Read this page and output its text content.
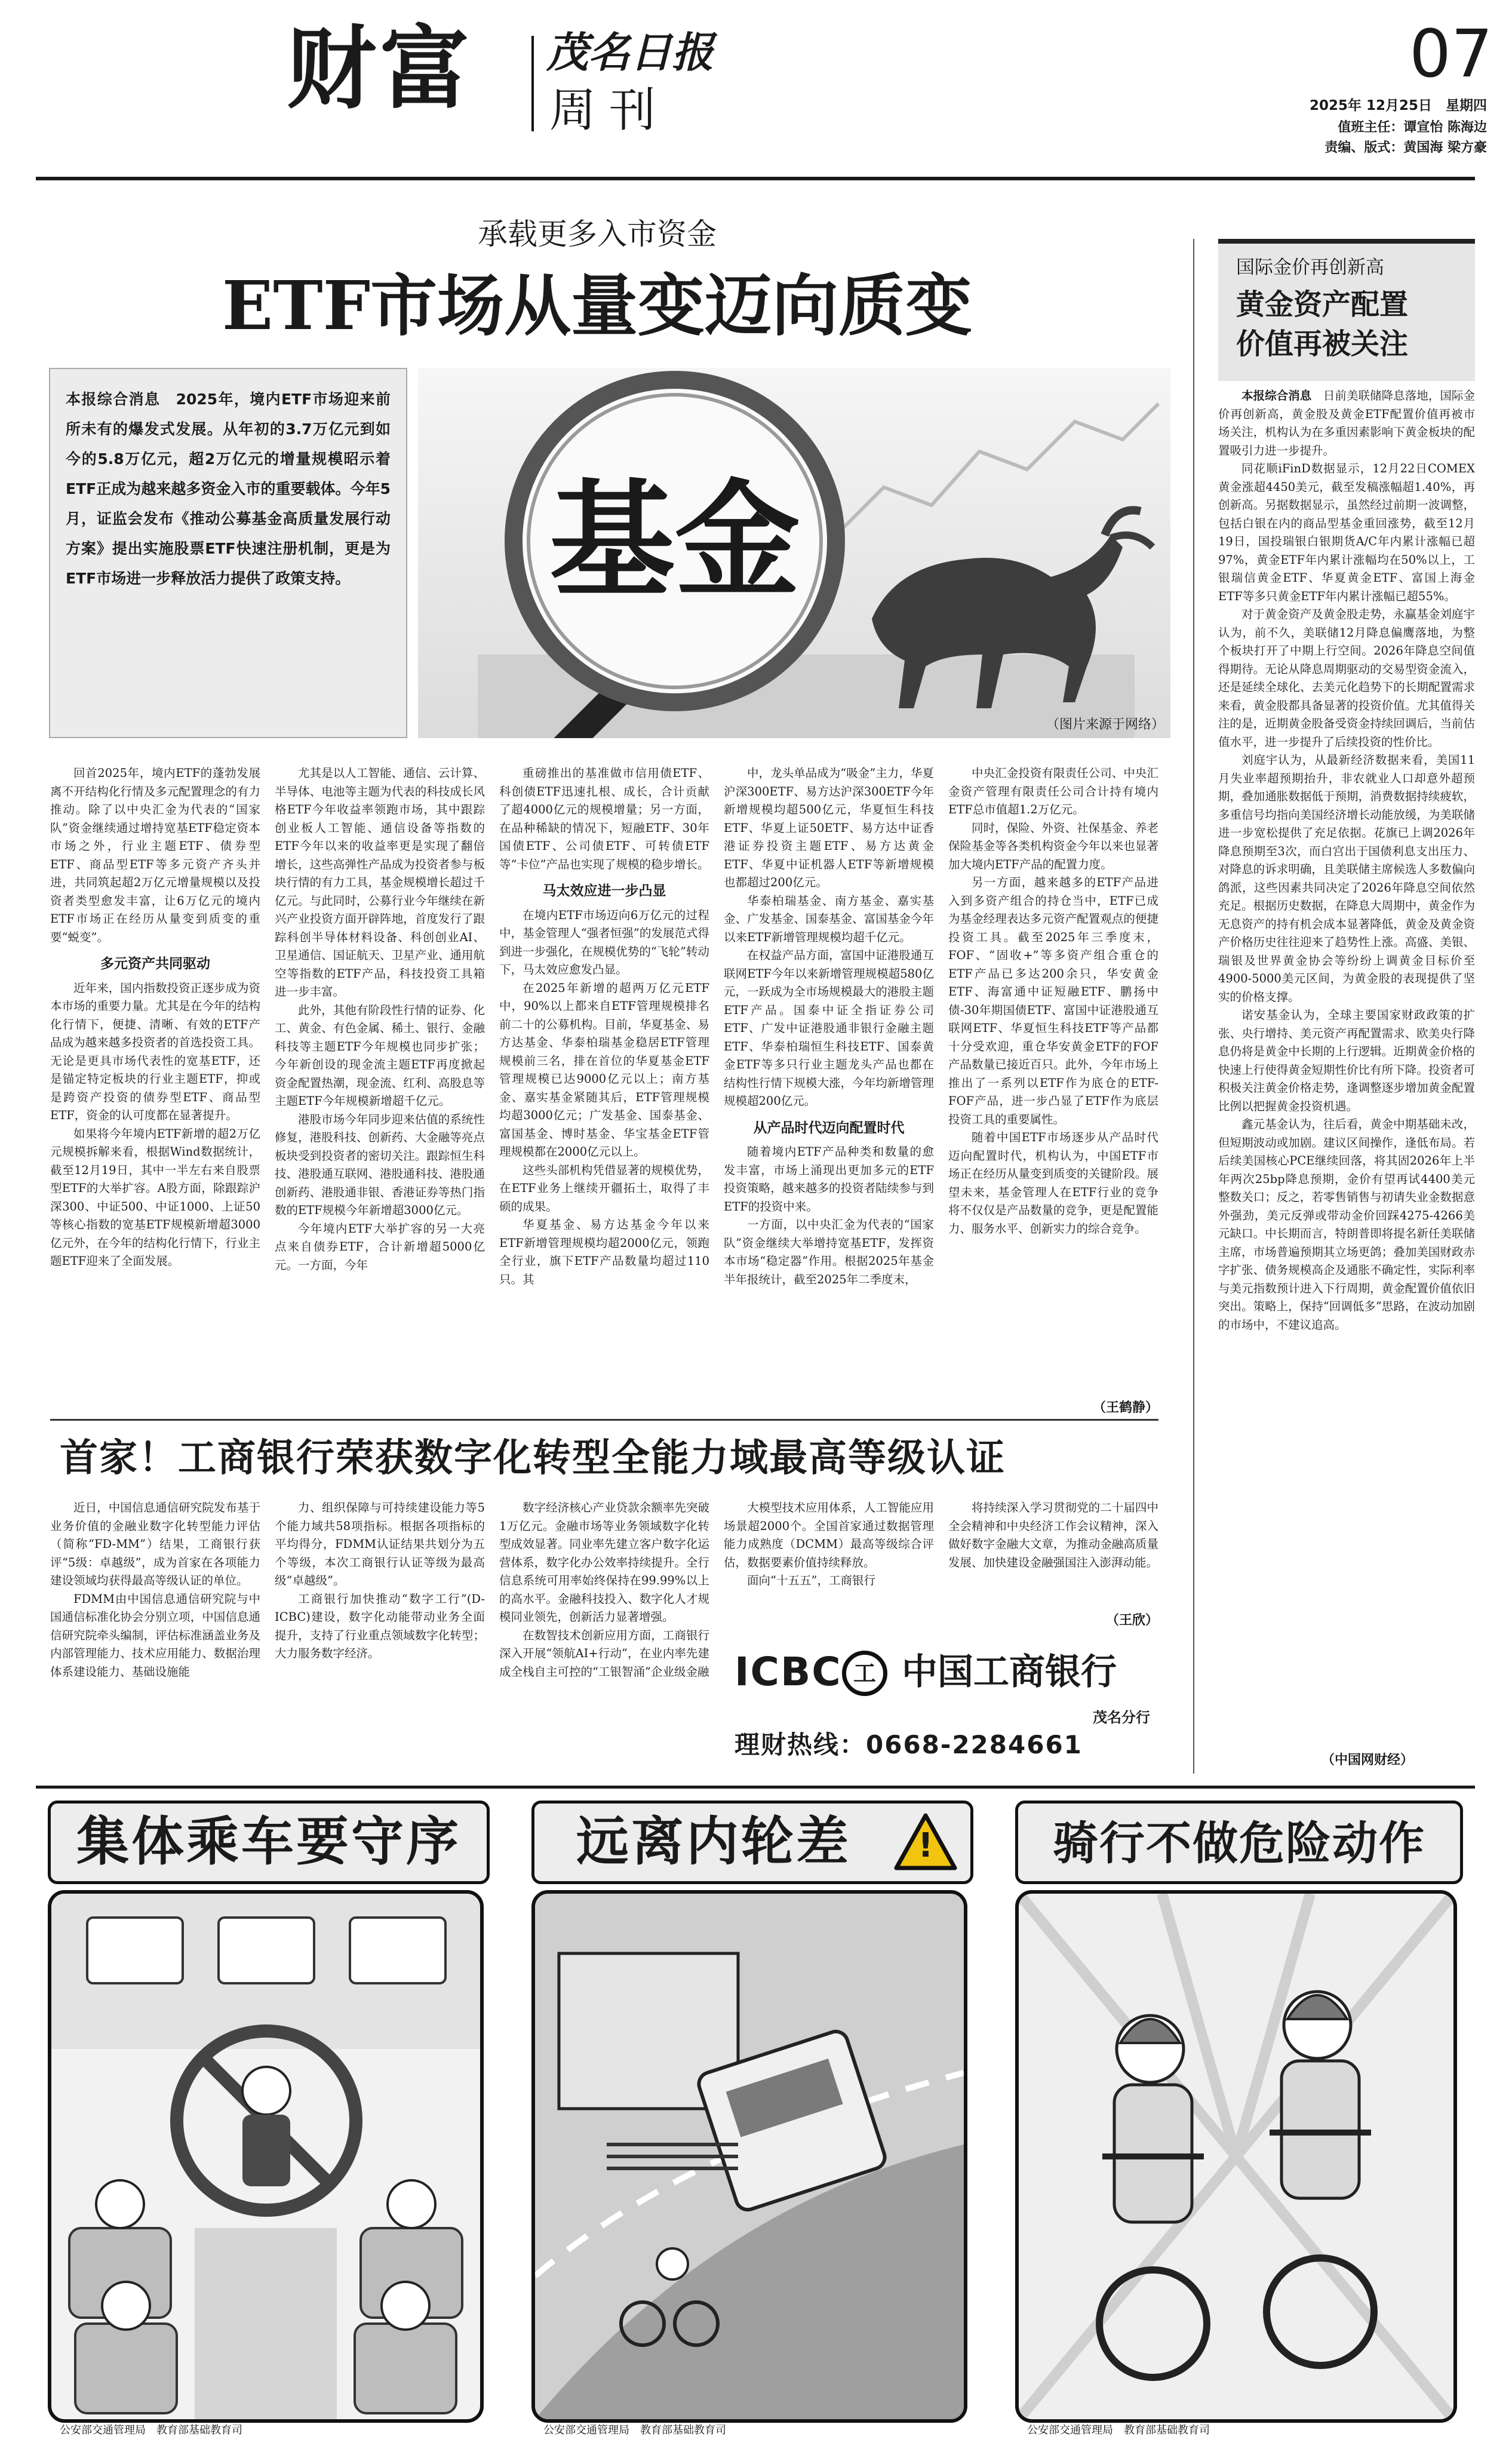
财富 茂名日报
周刊
07
2025年 12月25日　星期四
值班主任：谭宣怡 陈海边
责编、版式：黄国海 梁方豪
承载更多入市资金
ETF市场从量变迈向质变
本报综合消息　 2025年，境内ETF市场迎来前所未有的爆发式发展。从年初的3.7万亿元到如今的5.8万亿元，超2万亿元的增量规模昭示着ETF正成为越来越多资金入市的重要载体。今年5月，证监会发布《推动公募基金高质量发展行动方案》提出实施股票ETF快速注册机制，更是为ETF市场进一步释放活力提供了政策支持。	基金
（图片来源于网络）

回首2025年，境内ETF的蓬勃发展离不开结构化行情及多元配置理念的有力推动。除了以中央汇金为代表的“国家队”资金继续通过增持宽基ETF稳定资本市场之外，行业主题ETF、债券型ETF、商品型ETF等多元资产齐头并进，共同筑起超2万亿元增量规模以及投资者类型愈发丰富，让6万亿元的境内ETF市场正在经历从量变到质变的重要“蜕变”。

多元资产共同驱动

近年来，国内指数投资正逐步成为资本市场的重要力量。尤其是在今年的结构化行情下，便捷、清晰、有效的ETF产品成为越来越多投资者的首选投资工具。无论是更具市场代表性的宽基ETF，还是锚定特定板块的行业主题ETF，抑或是跨资产投资的债券型ETF、商品型ETF，资金的认可度都在显著提升。

如果将今年境内ETF新增的超2万亿元规模拆解来看，根据Wind数据统计，截至12月19日，其中一半左右来自股票型ETF的大举扩容。A股方面，除跟踪沪深300、中证500、中证1000、上证50等核心指数的宽基ETF规模新增超3000亿元外，在今年的结构化行情下，行业主题ETF迎来了全面发展。

尤其是以人工智能、通信、云计算、半导体、电池等主题为代表的科技成长风格ETF今年收益率领跑市场，其中跟踪创业板人工智能、通信设备等指数的ETF今年以来的收益率更是实现了翻倍增长，这些高弹性产品成为投资者参与板块行情的有力工具，基金规模增长超过千亿元。与此同时，公募行业今年继续在新兴产业投资方面开辟阵地，首度发行了跟踪科创半导体材料设备、科创创业AI、卫星通信、国证航天、卫星产业、通用航空等指数的ETF产品，科技投资工具箱进一步丰富。

此外，其他有阶段性行情的证券、化工、黄金、有色金属、稀土、银行、金融科技等主题ETF今年规模也同步扩张；今年新创设的现金流主题ETF再度掀起资金配置热潮，现金流、红利、高股息等主题ETF今年规模新增超千亿元。

港股市场今年同步迎来估值的系统性修复，港股科技、创新药、大金融等亮点板块受到投资者的密切关注。跟踪恒生科技、港股通互联网、港股通科技、港股通创新药、港股通非银、香港证券等热门指数的ETF规模今年新增超3000亿元。

今年境内ETF大举扩容的另一大亮点来自债券ETF，合计新增超5000亿元。一方面，今年

重磅推出的基准做市信用债ETF、科创债ETF迅速扎根、成长，合计贡献了超4000亿元的规模增量；另一方面，在品种稀缺的情况下，短融ETF、30年国债ETF、公司债ETF、可转债ETF等“卡位”产品也实现了规模的稳步增长。

马太效应进一步凸显

在境内ETF市场迈向6万亿元的过程中，基金管理人“强者恒强”的发展范式得到进一步强化，在规模优势的“飞轮”转动下，马太效应愈发凸显。

在2025年新增的超两万亿元ETF中，90%以上都来自ETF管理规模排名前二十的公募机构。目前，华夏基金、易方达基金、华泰柏瑞基金稳居ETF管理规模前三名，排在首位的华夏基金ETF管理规模已达9000亿元以上；南方基金、嘉实基金紧随其后，ETF管理规模均超3000亿元；广发基金、国泰基金、富国基金、博时基金、华宝基金ETF管理规模都在2000亿元以上。

这些头部机构凭借显著的规模优势，在ETF业务上继续开疆拓土，取得了丰硕的成果。

华夏基金、易方达基金今年以来ETF新增管理规模均超2000亿元，领跑全行业，旗下ETF产品数量均超过110只。其

中，龙头单品成为“吸金”主力，华夏沪深300ETF、易方达沪深300ETF今年新增规模均超500亿元，华夏恒生科技ETF、华夏上证50ETF、易方达中证香港证券投资主题ETF、易方达黄金ETF、华夏中证机器人ETF等新增规模也都超过200亿元。

华泰柏瑞基金、南方基金、嘉实基金、广发基金、国泰基金、富国基金今年以来ETF新增管理规模均超千亿元。

在权益产品方面，富国中证港股通互联网ETF今年以来新增管理规模超580亿元，一跃成为全市场规模最大的港股主题ETF产品。国泰中证全指证券公司ETF、广发中证港股通非银行金融主题ETF、华泰柏瑞恒生科技ETF、国泰黄金ETF等多只行业主题龙头产品也都在结构性行情下规模大涨，今年均新增管理规模超200亿元。

从产品时代迈向配置时代

随着境内ETF产品种类和数量的愈发丰富，市场上涌现出更加多元的ETF投资策略，越来越多的投资者陆续参与到ETF的投资中来。

一方面，以中央汇金为代表的“国家队”资金继续大举增持宽基ETF，发挥资本市场“稳定器”作用。根据2025年基金半年报统计，截至2025年二季度末，

中央汇金投资有限责任公司、中央汇金资产管理有限责任公司合计持有境内ETF总市值超1.2万亿元。

同时，保险、外资、社保基金、养老保险基金等各类机构资金今年以来也显著加大境内ETF产品的配置力度。

另一方面，越来越多的ETF产品进入到多资产组合的持仓当中，ETF已成为基金经理表达多元资产配置观点的便捷投资工具。截至2025年三季度末，FOF、“固收+”等多资产组合重仓的ETF产品已多达200余只，华安黄金ETF、海富通中证短融ETF、鹏扬中债-30年期国债ETF、富国中证港股通互联网ETF、华夏恒生科技ETF等产品都十分受欢迎，重仓华安黄金ETF的FOF产品数量已接近百只。此外，今年市场上推出了一系列以ETF作为底仓的ETF-FOF产品，进一步凸显了ETF作为底层投资工具的重要属性。

随着中国ETF市场逐步从产品时代迈向配置时代，机构认为，中国ETF市场正在经历从量变到质变的关键阶段。展望未来，基金管理人在ETF行业的竞争将不仅仅是产品数量的竞争，更是配置能力、服务水平、创新实力的综合竞争。

（王鹤静）
国际金价再创新高
黄金资产配置
价值再被关注

本报综合消息　 日前美联储降息落地，国际金价再创新高，黄金股及黄金ETF配置价值再被市场关注，机构认为在多重因素影响下黄金板块的配置吸引力进一步提升。

同花顺iFinD数据显示，12月22日COMEX黄金涨超4450美元，截至发稿涨幅超1.40%，再创新高。另据数据显示，虽然经过前期一波调整，包括白银在内的商品型基金重回涨势，截至12月19日，国投瑞银白银期货A/C年内累计涨幅已超97%，黄金ETF年内累计涨幅均在50%以上，工银瑞信黄金ETF、华夏黄金ETF、富国上海金ETF等多只黄金ETF年内累计涨幅已超55%。

对于黄金资产及黄金股走势，永赢基金刘庭宇认为，前不久，美联储12月降息偏鹰落地，为整个板块打开了中期上行空间。2026年降息空间值得期待。无论从降息周期驱动的交易型资金流入，还是延续全球化、去美元化趋势下的长期配置需求来看，黄金股都具备显著的投资价值。尤其值得关注的是，近期黄金股备受资金持续回调后，当前估值水平，进一步提升了后续投资的性价比。

刘庭宇认为，从最新经济数据来看，美国11月失业率超预期抬升，非农就业人口却意外超预期，叠加通胀数据低于预期，消费数据持续疲软，多重信号均指向美国经济增长动能放缓，为美联储进一步宽松提供了充足依据。花旗已上调2026年降息预期至3次，而白宫出于国债利息支出压力、对降息的诉求明确，且美联储主席候选人多数偏向鸽派，这些因素共同决定了2026年降息空间依然充足。根据历史数据，在降息大周期中，黄金作为无息资产的持有机会成本显著降低，黄金及黄金资产价格历史往往迎来了趋势性上涨。高盛、美银、瑞银及世界黄金协会等纷纷上调黄金目标价至4900-5000美元区间，为黄金股的表现提供了坚实的价格支撑。

诺安基金认为，全球主要国家财政政策的扩张、央行增持、美元资产再配置需求、欧美央行降息仍将是黄金中长期的上行逻辑。近期黄金价格的快速上行使得黄金短期性价比有所下降。投资者可积极关注黄金价格走势，逢调整逐步增加黄金配置比例以把握黄金投资机遇。

鑫元基金认为，往后看，黄金中期基础未改，但短期波动或加剧。建议区间操作，逢低布局。若后续美国核心PCE继续回落，将其固2026年上半年两次25bp降息预期，金价有望再试4400美元整数关口；反之，若零售销售与初请失业金数据意外强劲，美元反弹或带动金价回踩4275-4266美元缺口。中长期而言，特朗普即将提名新任美联储主席，市场普遍预期其立场更鸽；叠加美国财政赤字扩张、债务规模高企及通胀不确定性，实际利率与美元指数预计进入下行周期，黄金配置价值依旧突出。策略上，保持“回调低多”思路，在波动加剧的市场中，不建议追高。

（中国网财经）
首家！工商银行荣获数字化转型全能力域最高等级认证

近日，中国信息通信研究院发布基于业务价值的金融业数字化转型能力评估（简称“FD-MM”）结果，工商银行获评“5级：卓越级”，成为首家在各项能力建设领域均获得最高等级认证的单位。

FDMM由中国信息通信研究院与中国通信标准化协会分别立项，中国信息通信研究院牵头编制，评估标准涵盖业务及内部管理能力、技术应用能力、数据治理体系建设能力、基础设施能

力、组织保障与可持续建设能力等5个能力域共58项指标。根据各项指标的平均得分，FDMM认证结果共划分为五个等级，本次工商银行认证等级为最高级“卓越级”。

工商银行加快推动“数字工行”(D-ICBC)建设，数字化动能带动业务全面提升，支持了行业重点领域数字化转型；大力服务数字经济。

数字经济核心产业贷款余额率先突破1万亿元。金融市场等业务领域数字化转型成效显著。同业率先建立客户数字化运营体系，数字化办公效率持续提升。全行信息系统可用率始终保持在99.99%以上的高水平。金融科技投入、数字化人才规模同业领先，创新活力显著增强。

在数智技术创新应用方面，工商银行深入开展“领航AI+行动”，在业内率先建成全栈自主可控的“工银智涌”企业级金融

大模型技术应用体系，人工智能应用场景超2000个。全国首家通过数据管理能力成熟度（DCMM）最高等级综合评估，数据要素价值持续释放。

面向“十五五”，工商银行

将持续深入学习贯彻党的二十届四中全会精神和中央经济工作会议精神，深入做好数字金融大文章，为推动金融高质量发展、加快建设金融强国注入澎湃动能。

（王欣）
ICBC 工 中国工商银行
茂名分行
理财热线：0668-2284661
集体乘车要守序
公安部交通管理局　教育部基础教育司
远离内轮差	!
公安部交通管理局　教育部基础教育司
骑行不做危险动作
公安部交通管理局　教育部基础教育司
